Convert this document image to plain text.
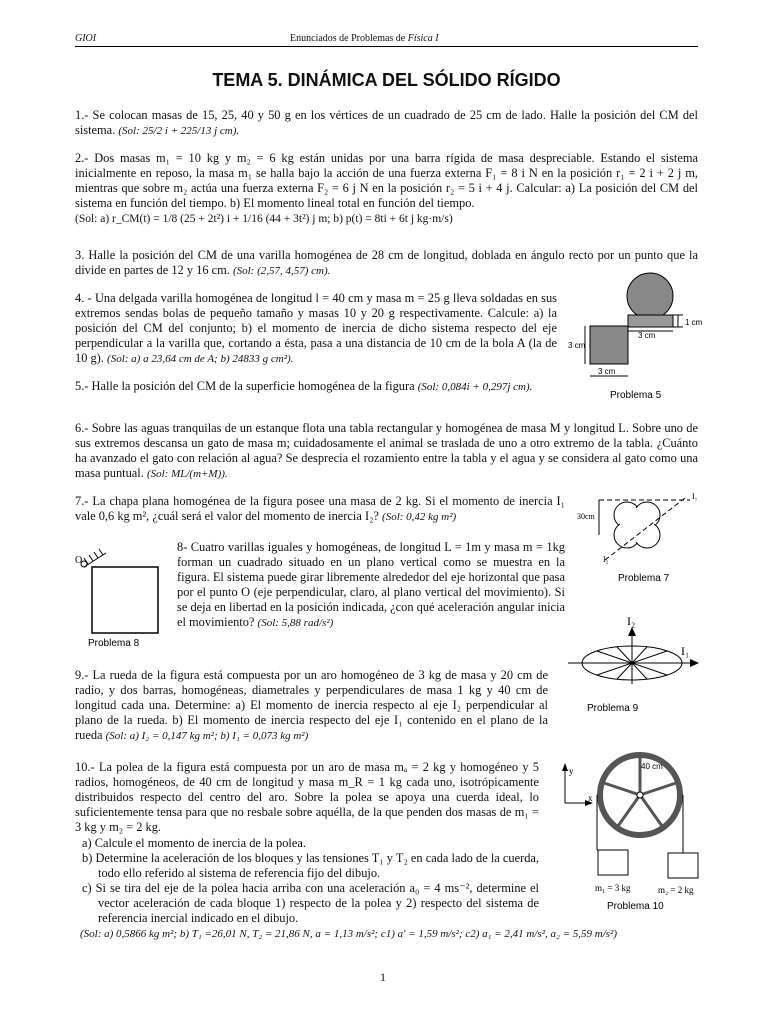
GIOI	Enunciados de Problemas de Física I
TEMA 5. DINÁMICA DEL SÓLIDO RÍGIDO
1.- Se colocan masas de 15, 25, 40 y 50 g en los vértices de un cuadrado de 25 cm de lado. Halle la posición del CM del sistema. (Sol: 25/2 i + 225/13 j cm).
2.- Dos masas m₁ = 10 kg y m₂ = 6 kg están unidas por una barra rígida de masa despreciable. Estando el sistema inicialmente en reposo, la masa m₁ se halla bajo la acción de una fuerza externa F₁ = 8 i N en la posición r₁ = 2 i + 2 j m, mientras que sobre m₂ actúa una fuerza externa F₂ = 6 j N en la posición r₂ = 5 i + 4 j. Calcular: a) La posición del CM del sistema en función del tiempo. b) El momento lineal total en función del tiempo.
(Sol: a) r_CM(t) = 1/8 (25 + 2t²) i + 1/16 (44 + 3t²) j m; b) p(t) = 8ti + 6t j kg·m/s)
3. Halle la posición del CM de una varilla homogénea de 28 cm de longitud, doblada en ángulo recto por un punto que la divide en partes de 12 y 16 cm. (Sol: (2,57, 4,57) cm).
4. - Una delgada varilla homogénea de longitud l = 40 cm y masa m = 25 g lleva soldadas en sus extremos sendas bolas de pequeño tamaño y masas 10 y 20 g respectivamente. Calcule: a) la posición del CM del conjunto; b) el momento de inercia de dicho sistema respecto del eje perpendicular a la varilla que, cortando a ésta, pasa a una distancia de 10 cm de la bola A (la de 10 g). (Sol: a) a 23,64 cm de A; b) 24833 g cm²).
5.- Halle la posición del CM de la superficie homogénea de la figura (Sol: 0,084i + 0,297j cm).
1 cm
3 cm
3 cm
3 cm
Problema 5
6.- Sobre las aguas tranquilas de un estanque flota una tabla rectangular y homogénea de masa M y longitud L. Sobre uno de sus extremos descansa un gato de masa m; cuidadosamente el animal se traslada de uno a otro extremo de la tabla. ¿Cuánto ha avanzado el gato con relación al agua? Se desprecia el rozamiento entre la tabla y el agua y se considera al gato como una masa puntual. (Sol: ML/(m+M)).
7.- La chapa plana homogénea de la figura posee una masa de 2 kg. Si el momento de inercia I₁ vale 0,6 kg m², ¿cuál será el valor del momento de inercia I₂? (Sol: 0,42 kg m²)	30cm
I₁
I₂
Problema 7
O
Problema 8
8- Cuatro varillas iguales y homogéneas, de longitud L = 1m y masa m = 1kg forman un cuadrado situado en un plano vertical como se muestra en la figura. El sistema puede girar libremente alrededor del eje horizontal que pasa por el punto O (eje perpendicular, claro, al plano vertical del movimiento). Si se deja en libertad en la posición indicada, ¿con qué aceleración angular inicia el movimiento? (Sol: 5,88 rad/s²)
9.- La rueda de la figura está compuesta por un aro homogéneo de 3 kg de masa y 20 cm de radio, y dos barras, homogéneas, diametrales y perpendiculares de masa 1 kg y 40 cm de longitud cada una. Determine: a) El momento de inercia respecto al eje I₂ perpendicular al plano de la rueda. b) El momento de inercia respecto del eje I₁ contenido en el plano de la rueda (Sol: a) I₂ = 0,147 kg m²; b) I₁ = 0,073 kg m²)
I₂
I₁
Problema 9
10.- La polea de la figura está compuesta por un aro de masa mₐ = 2 kg y homogéneo y 5 radios, homogéneos, de 40 cm de longitud y masa m_R = 1 kg cada uno, isotrópicamente distribuidos respecto del centro del aro. Sobre la polea se apoya una cuerda ideal, lo suficientemente tensa para que no resbale sobre aquélla, de la que penden dos masas de m₁ = 3 kg y m₂ = 2 kg.
a) Calcule el momento de inercia de la polea.
b) Determine la aceleración de los bloques y las tensiones T₁ y T₂ en cada lado de la cuerda, todo ello referido al sistema de referencia fijo del dibujo.
c) Si se tira del eje de la polea hacia arriba con una aceleración a₀ = 4 ms⁻², determine el vector aceleración de cada bloque 1) respecto de la polea y 2) respecto del sistema de referencia inercial indicado en el dibujo.
(Sol: a) 0,5866 kg m²; b) T₁ =26,01 N, T₂ = 21,86 N, a = 1,13 m/s²; c1) a' = 1,59 m/s²; c2) a₁ = 2,41 m/s², a₂ = 5,59 m/s²)
y
x
40 cm
m₁ = 3 kg	m₂ = 2 kg
Problema 10
1
